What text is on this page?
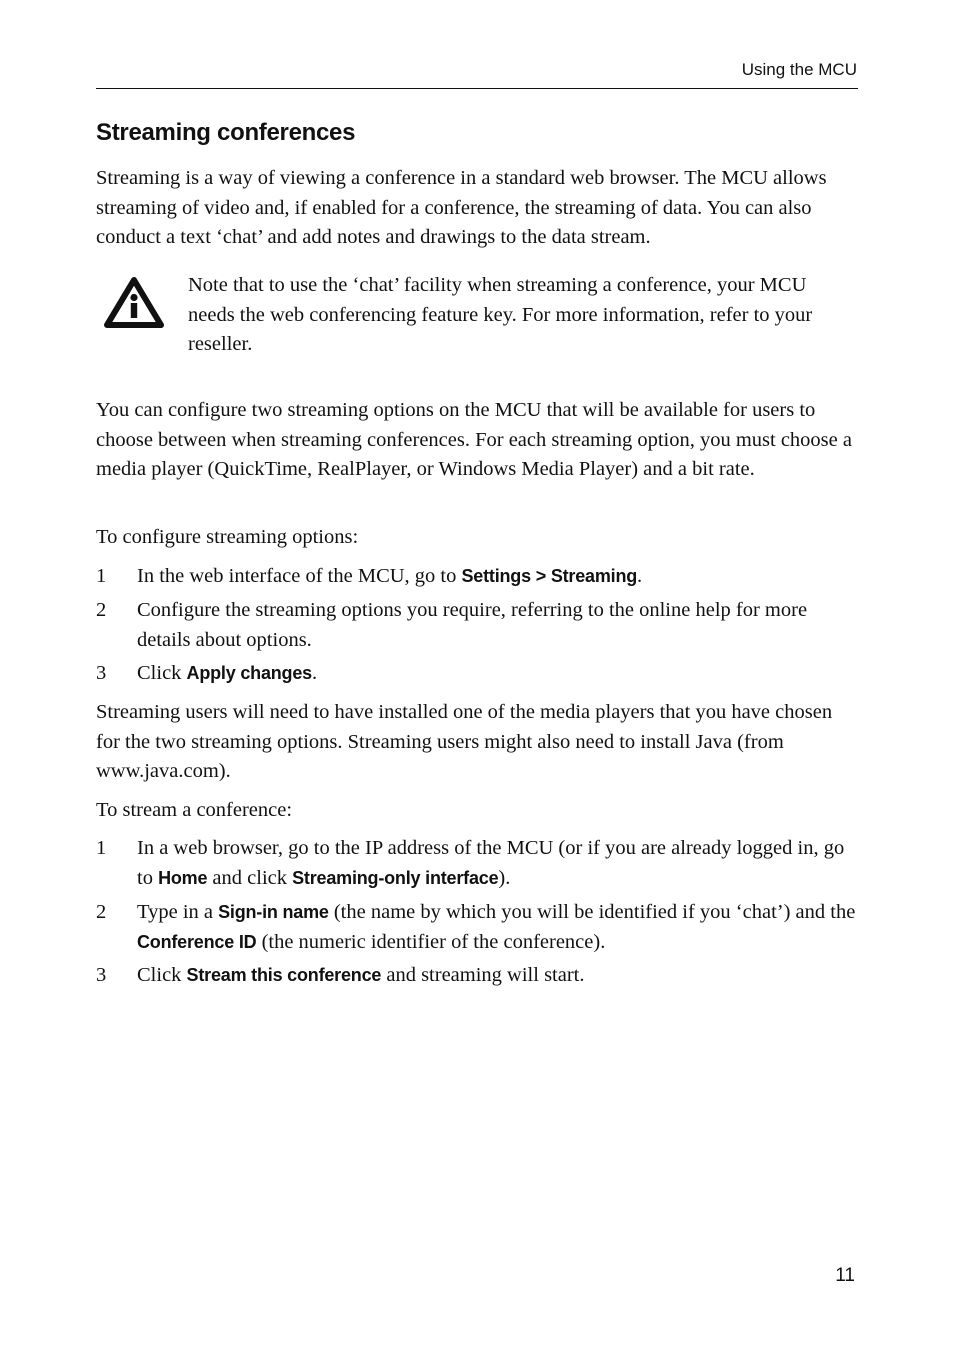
Using the MCU
Streaming conferences

Streaming is a way of viewing a conference in a standard web browser. The MCU allows streaming of video and, if enabled for a conference, the streaming of data. You can also conduct a text ‘chat’ and add notes and drawings to the data stream.

Note that to use the ‘chat’ facility when streaming a conference, your MCU needs the web conferencing feature key. For more information, refer to your reseller.

You can configure two streaming options on the MCU that will be available for users to choose between when streaming conferences. For each streaming option, you must choose a media player (QuickTime, RealPlayer, or Windows Media Player) and a bit rate.

To configure streaming options:

1	In the web interface of the MCU, go to Settings > Streaming.

2	Configure the streaming options you require, referring to the online help for more details about options.

3	Click Apply changes.

Streaming users will need to have installed one of the media players that you have chosen for the two streaming options. Streaming users might also need to install Java (from www.java.com).

To stream a conference:

1	In a web browser, go to the IP address of the MCU (or if you are already logged in, go to Home and click Streaming-only interface).

2	Type in a Sign-in name (the name by which you will be identified if you ‘chat’) and the Conference ID (the numeric identifier of the conference).

3	Click Stream this conference and streaming will start.

11
